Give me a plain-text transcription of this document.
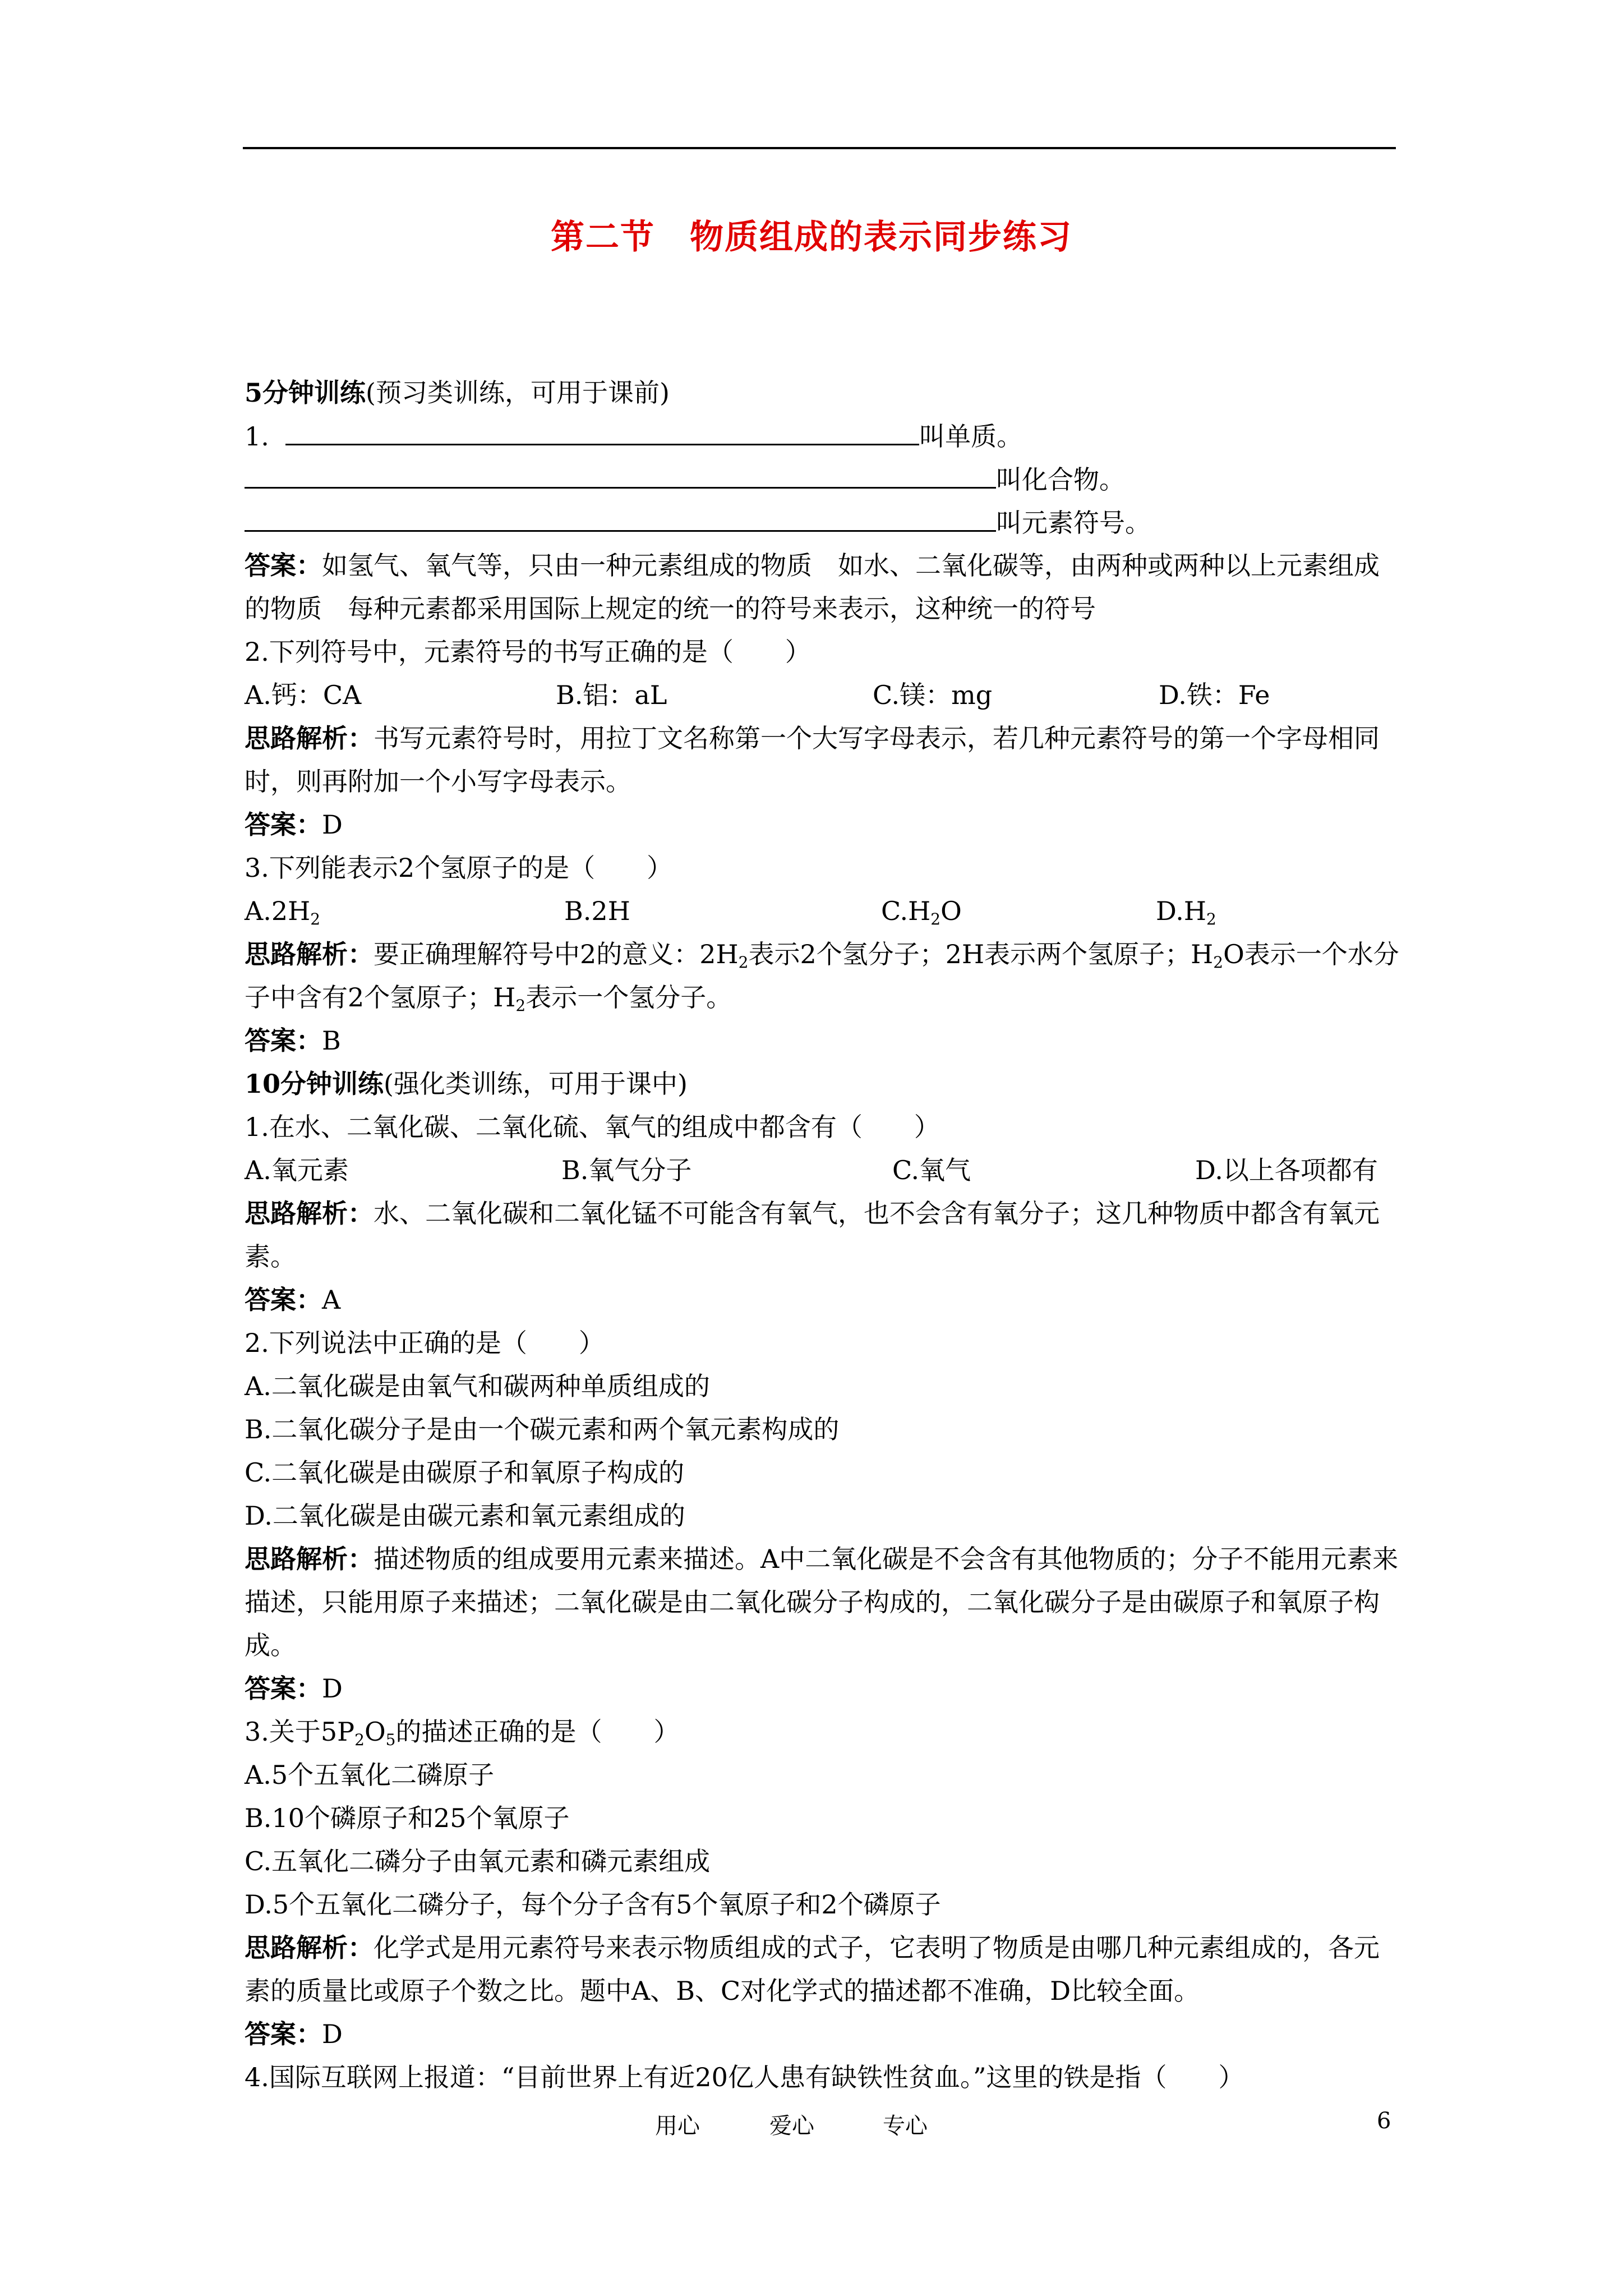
第二节　物质组成的表示同步练习
5分钟训练(预习类训练，可用于课前)
1.	叫单质。
叫化合物。
叫元素符号。
答案：如氢气、氧气等，只由一种元素组成的物质　如水、二氧化碳等，由两种或两种以上元素组成的物质　每种元素都采用国际上规定的统一的符号来表示，这种统一的符号
2.下列符号中，元素符号的书写正确的是（　　）
A.钙：CA	B.铝：aL	C.镁：mg	D.铁：Fe
思路解析：书写元素符号时，用拉丁文名称第一个大写字母表示，若几种元素符号的第一个字母相同时，则再附加一个小写字母表示。
答案：D
3.下列能表示2个氢原子的是（　　）
$A.2H_2$	B.2H	$C.H_2O$	$D.H_2$
思路解析：要正确理解符号中2的意义：$2H_2$表示2个氢分子；2H表示两个氢原子；$H_2O$表示一个水分子中含有2个氢原子；$H_2$表示一个氢分子。
答案：B
10分钟训练(强化类训练，可用于课中)
1.在水、二氧化碳、二氧化硫、氧气的组成中都含有（　　）
A.氧元素	B.氧气分子	C.氧气	D.以上各项都有
思路解析：水、二氧化碳和二氧化锰不可能含有氧气，也不会含有氧分子；这几种物质中都含有氧元素。
答案：A
2.下列说法中正确的是（　　）
A.二氧化碳是由氧气和碳两种单质组成的
B.二氧化碳分子是由一个碳元素和两个氧元素构成的
C.二氧化碳是由碳原子和氧原子构成的
D.二氧化碳是由碳元素和氧元素组成的
思路解析：描述物质的组成要用元素来描述。A中二氧化碳是不会含有其他物质的；分子不能用元素来描述，只能用原子来描述；二氧化碳是由二氧化碳分子构成的，二氧化碳分子是由碳原子和氧原子构成。
答案：D
3.关于$5P_2O_5$的描述正确的是（　　）
A.5个五氧化二磷原子
B.10个磷原子和25个氧原子
C.五氧化二磷分子由氧元素和磷元素组成
D.5个五氧化二磷分子，每个分子含有5个氧原子和2个磷原子
思路解析：化学式是用元素符号来表示物质组成的式子，它表明了物质是由哪几种元素组成的，各元素的质量比或原子个数之比。题中A、B、C对化学式的描述都不准确，D比较全面。
答案：D
4.国际互联网上报道：“目前世界上有近20亿人患有缺铁性贫血。”这里的铁是指（　　）
用心	爱心	专心	6
